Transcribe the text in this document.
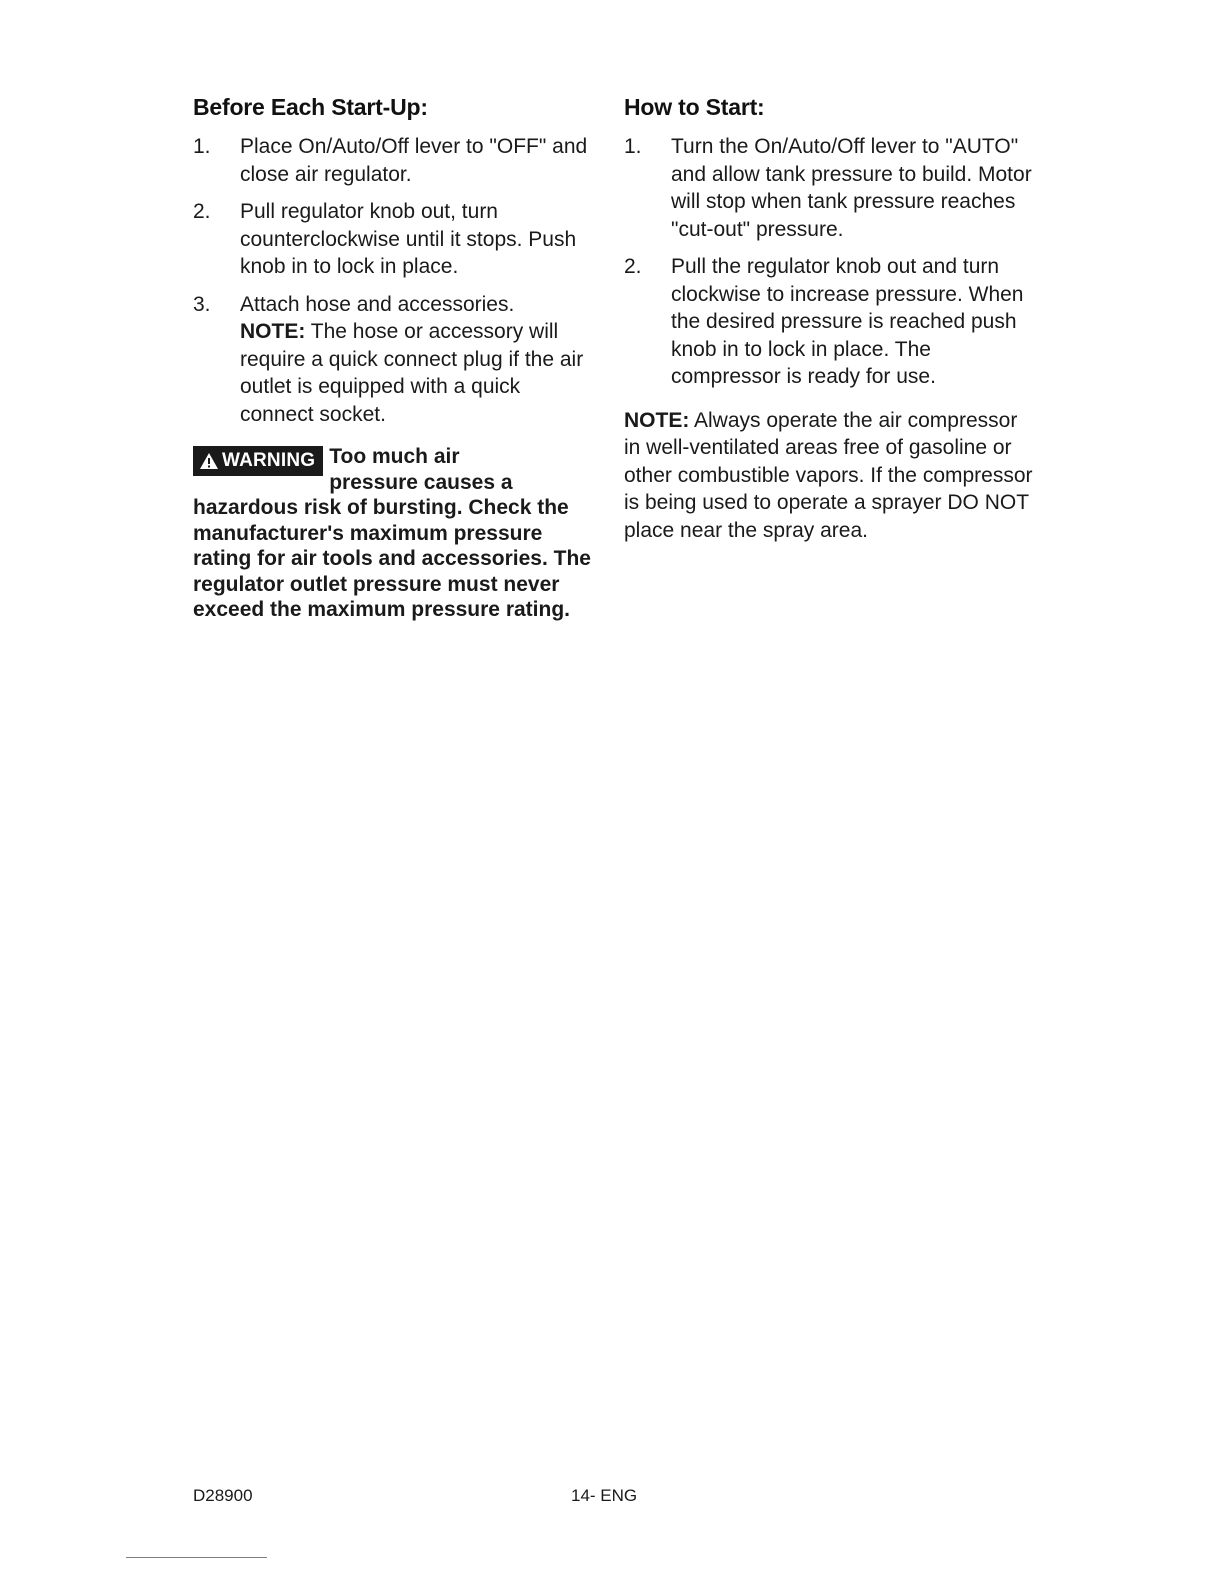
Before Each Start-Up:
1.	Place On/Auto/Off lever to "OFF" and close air regulator.
2.	Pull regulator knob out, turn counterclockwise until it stops. Push knob in to lock in place.
3.	Attach hose and accessories.
NOTE: The hose or accessory will require a quick connect plug if the air outlet is equipped with a quick connect socket.
WARNING Too much air
pressure causes a
hazardous risk of bursting. Check the manufacturer's maximum pressure rating for air tools and accessories. The regulator outlet pressure must never exceed the maximum pressure rating.
How to Start:
1.	Turn the On/Auto/Off lever to "AUTO" and allow tank pressure to build. Motor will stop when tank pressure reaches "cut-out" pressure.
2.	Pull the regulator knob out and turn clockwise to increase pressure. When the desired pressure is reached push knob in to lock in place. The compressor is ready for use.
NOTE: Always operate the air compressor in well-ventilated areas free of gasoline or other combustible vapors. If the compressor is being used to operate a sprayer DO NOT place near the spray area.
D28900	14- ENG
